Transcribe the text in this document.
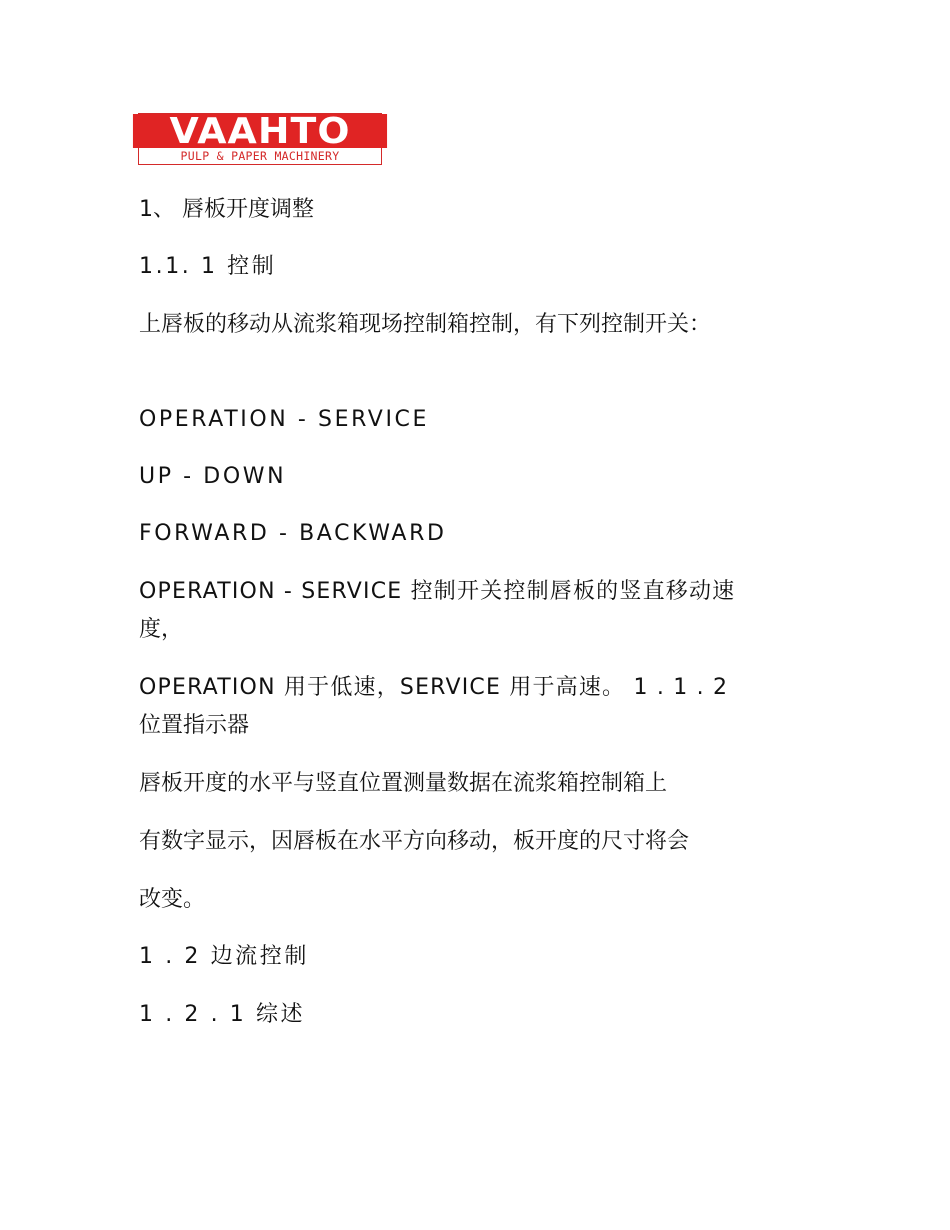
VAAHTO
PULP & PAPER MACHINERY
1、 唇板开度调整
1.1. 1 控制
上唇板的移动从流浆箱现场控制箱控制，有下列控制开关：
OPERATION - SERVICE
UP - DOWN
FORWARD - BACKWARD
OPERATION - SERVICE 控制开关控制唇板的竖直移动速
度，
OPERATION 用于低速，SERVICE 用于高速。 1 . 1 . 2
位置指示器
唇板开度的水平与竖直位置测量数据在流浆箱控制箱上
有数字显示，因唇板在水平方向移动，板开度的尺寸将会
改变。
1 . 2 边流控制
1 . 2 . 1 综述
